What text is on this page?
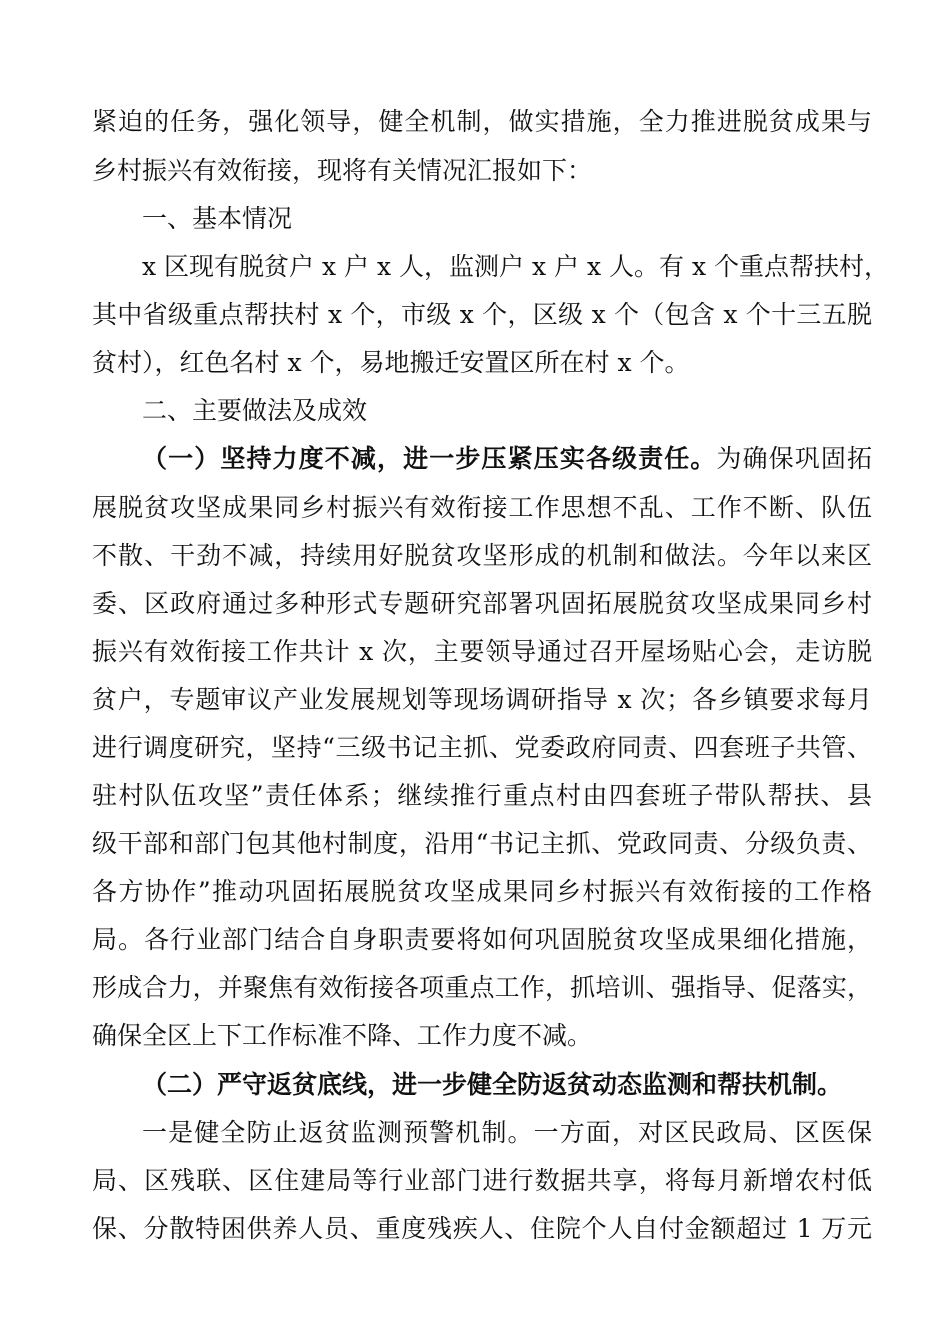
紧迫的任务，强化领导，健全机制，做实措施，全力推进脱贫成果与
乡村振兴有效衔接，现将有关情况汇报如下：
一、基本情况
x 区现有脱贫户 x 户 x 人，监测户 x 户 x 人。有 x 个重点帮扶村，
其中省级重点帮扶村 x 个，市级 x 个，区级 x 个（包含 x 个十三五脱
贫村），红色名村 x 个，易地搬迁安置区所在村 x 个。
二、主要做法及成效
（一）坚持力度不减，进一步压紧压实各级责任。为确保巩固拓
展脱贫攻坚成果同乡村振兴有效衔接工作思想不乱、工作不断、队伍
不散、干劲不减，持续用好脱贫攻坚形成的机制和做法。今年以来区
委、区政府通过多种形式专题研究部署巩固拓展脱贫攻坚成果同乡村
振兴有效衔接工作共计 x 次，主要领导通过召开屋场贴心会，走访脱
贫户，专题审议产业发展规划等现场调研指导 x 次；各乡镇要求每月
进行调度研究，坚持“三级书记主抓、党委政府同责、四套班子共管、
驻村队伍攻坚”责任体系；继续推行重点村由四套班子带队帮扶、县
级干部和部门包其他村制度，沿用“书记主抓、党政同责、分级负责、
各方协作”推动巩固拓展脱贫攻坚成果同乡村振兴有效衔接的工作格
局。各行业部门结合自身职责要将如何巩固脱贫攻坚成果细化措施，
形成合力，并聚焦有效衔接各项重点工作，抓培训、强指导、促落实，
确保全区上下工作标准不降、工作力度不减。
（二）严守返贫底线，进一步健全防返贫动态监测和帮扶机制。
一是健全防止返贫监测预警机制。一方面，对区民政局、区医保
局、区残联、区住建局等行业部门进行数据共享，将每月新增农村低
保、分散特困供养人员、重度残疾人、住院个人自付金额超过 1 万元
